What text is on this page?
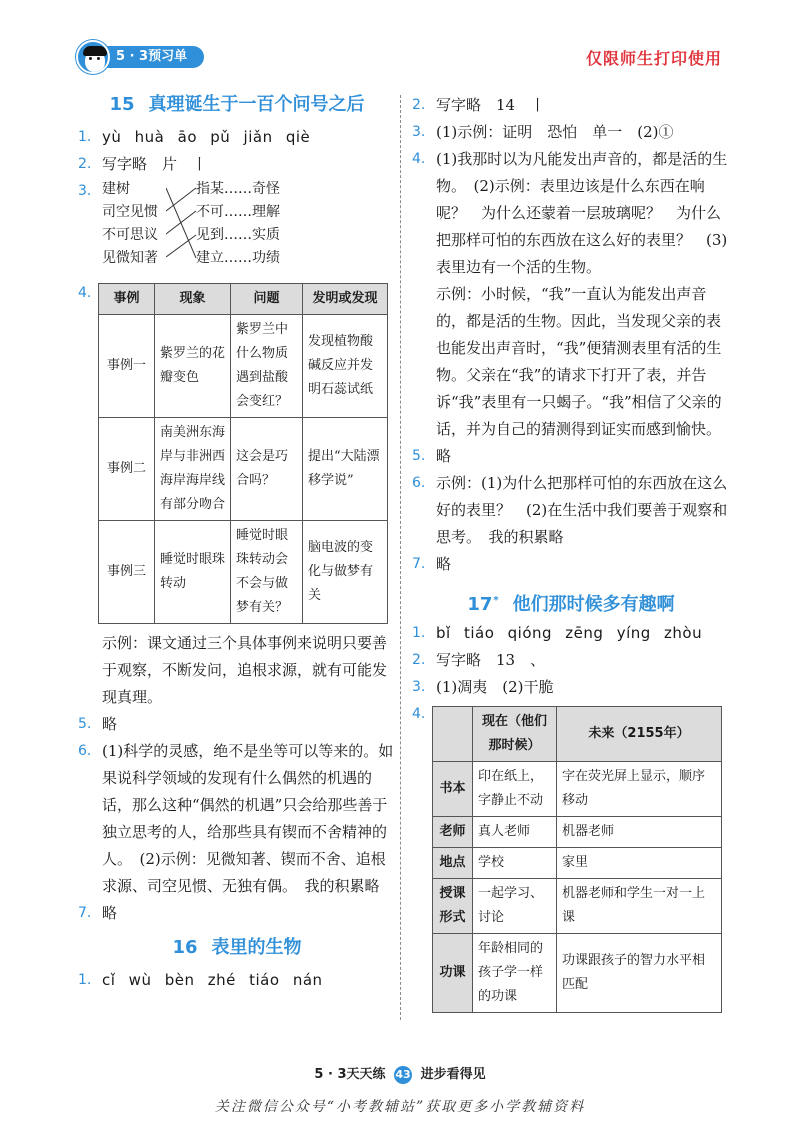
5 · 3预习单	仅限师生打印使用
15 真理诞生于一百个问号之后
1. yù huà āo pǔ jiǎn qiè
2. 写字略　片　丨
3. 建树
司空见惯
不可思议
见微知著
指某……奇怪
不可……理解
见到……实质
建立……功绩
4. 事例	现象	问题	发明或发现
事例一	紫罗兰的花瓣变色	紫罗兰中什么物质遇到盐酸会变红？	发现植物酸碱反应并发明石蕊试纸
事例二	南美洲东海岸与非洲西海岸海岸线有部分吻合	这会是巧合吗？	提出“大陆漂移学说”
事例三	睡觉时眼珠转动	睡觉时眼珠转动会不会与做梦有关？	脑电波的变化与做梦有关
示例：课文通过三个具体事例来说明只要善于观察，不断发问，追根求源，就有可能发现真理。
5. 略
6. (1)科学的灵感，绝不是坐等可以等来的。如果说科学领域的发现有什么偶然的机遇的话，那么这种“偶然的机遇”只会给那些善于独立思考的人，给那些具有锲而不舍精神的人。　(2)示例：见微知著、锲而不舍、追根求源、司空见惯、无独有偶。　我的积累略
7. 略
16 表里的生物
1. cǐ wù bèn zhé tiáo nán
2. 写字略　14　丨
3. (1)示例：证明　恐怕　单一　(2)①
4. (1)我那时以为凡能发出声音的，都是活的生物。　(2)示例：表里边该是什么东西在响呢？　为什么还蒙着一层玻璃呢？　为什么把那样可怕的东西放在这么好的表里？　(3)表里边有一个活的生物。
示例：小时候，“我”一直认为能发出声音的，都是活的生物。因此，当发现父亲的表也能发出声音时，“我”便猜测表里有活的生物。父亲在“我”的请求下打开了表，并告诉“我”表里有一只蝎子。“我”相信了父亲的话，并为自己的猜测得到证实而感到愉快。
5. 略
6. 示例：(1)为什么把那样可怕的东西放在这么好的表里？　(2)在生活中我们要善于观察和思考。　我的积累略
7. 略
17* 他们那时候多有趣啊
1. bǐ tiáo qióng zēng yíng zhòu
2. 写字略　13　、
3. (1)凋夷　(2)干脆
4.
		现在（他们那时候）	未来（2155年）
书本	印在纸上，字静止不动	字在荧光屏上显示，顺序移动
老师	真人老师	机器老师
地点	学校	家里
授课形式	一起学习、讨论	机器老师和学生一对一上课
功课	年龄相同的孩子学一样的功课	功课跟孩子的智力水平相匹配
5 · 3天天练 43 进步看得见
关注微信公众号“小考教辅站”获取更多小学教辅资料
